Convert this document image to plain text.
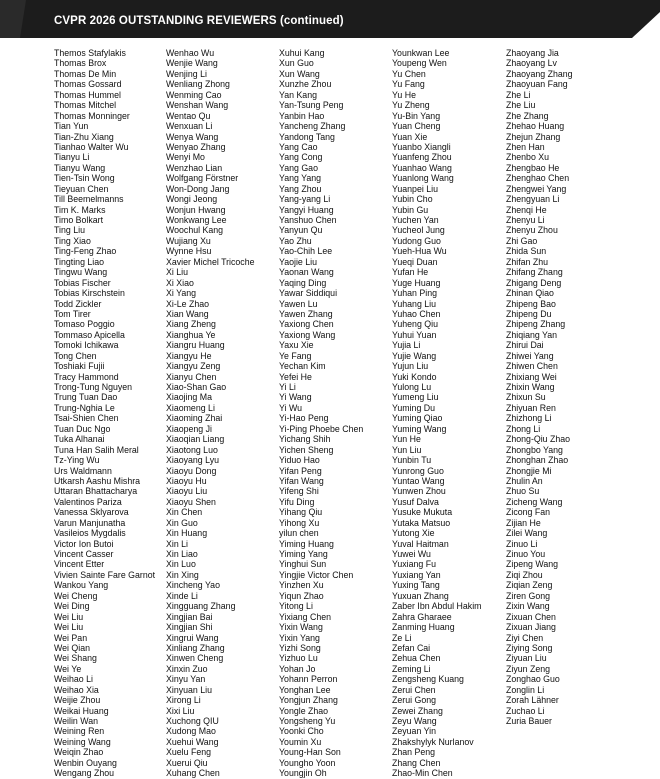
CVPR 2026 OUTSTANDING REVIEWERS (continued)
Themos Stafylakis
Thomas Brox
Thomas De Min
Thomas Gossard
Thomas Hummel
Thomas Mitchel
Thomas Monninger
Tian Yun
Tian-Zhu Xiang
Tianhao Walter Wu
Tianyu Li
Tianyu Wang
Tien-Tsin Wong
Tieyuan Chen
Till Beemelmanns
Tim K. Marks
Timo Bolkart
Ting Liu
Ting Xiao
Ting-Feng Zhao
Tingting Liao
Tingwu Wang
Tobias Fischer
Tobias Kirschstein
Todd Zickler
Tom Tirer
Tomaso Poggio
Tommaso Apicella
Tomoki Ichikawa
Tong Chen
Toshiaki Fujii
Tracy Hammond
Trong-Tung Nguyen
Trung Tuan Dao
Trung-Nghia Le
Tsai-Shien Chen
Tuan Duc Ngo
Tuka Alhanai
Tuna Han Salih Meral
Tz-Ying Wu
Urs Waldmann
Utkarsh Aashu Mishra
Uttaran Bhattacharya
Valentinos Pariza
Vanessa Sklyarova
Varun Manjunatha
Vasileios Mygdalis
Victor Ion Butoi
Vincent Casser
Vincent Etter
Vivien Sainte Fare Garnot
Wankou Yang
Wei Cheng
Wei Ding
Wei Liu
Wei Liu
Wei Pan
Wei Qian
Wei Shang
Wei Ye
Weihao Li
Weihao Xia
Weijie Zhou
Weikai Huang
Weilin Wan
Weining Ren
Weining Wang
Weiqin Zhao
Wenbin Ouyang
Wengang Zhou
Wenhao Wu
Wenjie Wang
Wenjing Li
Wenliang Zhong
Wenming Cao
Wenshan Wang
Wentao Qu
Wenxuan Li
Wenya Wang
Wenyao Zhang
Wenyi Mo
Wenzhao Lian
Wolfgang Förstner
Won-Dong Jang
Wongi Jeong
Wonjun Hwang
Wonkwang Lee
Woochul Kang
Wujiang Xu
Wynne Hsu
Xavier Michel Tricoche
Xi Liu
Xi Xiao
Xi Yang
Xi-Le Zhao
Xian Wang
Xiang Zheng
Xianghua Ye
Xiangru Huang
Xiangyu He
Xiangyu Zeng
Xianyu Chen
Xiao-Shan Gao
Xiaojing Ma
Xiaomeng Li
Xiaoming Zhai
Xiaopeng Ji
Xiaoqian Liang
Xiaotong Luo
Xiaoyang Lyu
Xiaoyu Dong
Xiaoyu Hu
Xiaoyu Liu
Xiaoyu Shen
Xin Chen
Xin Guo
Xin Huang
Xin Li
Xin Liao
Xin Luo
Xin Xing
Xincheng Yao
Xinde Li
Xingguang Zhang
Xingjian Bai
Xingjian Shi
Xingrui Wang
Xinliang Zhang
Xinwen Cheng
Xinxin Zuo
Xinyu Yan
Xinyuan Liu
Xirong Li
Xixi Liu
Xuchong QIU
Xudong Mao
Xuehui Wang
Xuelu Feng
Xuerui Qiu
Xuhang Chen
Xuhui Kang
Xun Guo
Xun Wang
Xunzhe Zhou
Yan Kang
Yan-Tsung Peng
Yanbin Hao
Yancheng Zhang
Yandong Tang
Yang Cao
Yang Cong
Yang Gao
Yang Yang
Yang Zhou
Yang-yang Li
Yangyi Huang
Yanshuo Chen
Yanyun Qu
Yao Zhu
Yao-Chih Lee
Yaojie Liu
Yaonan Wang
Yaqing Ding
Yawar Siddiqui
Yawen Lu
Yawen Zhang
Yaxiong Chen
Yaxiong Wang
Yaxu Xie
Ye Fang
Yechan Kim
Yefei He
Yi Li
Yi Wang
Yi Wu
Yi-Hao Peng
Yi-Ping Phoebe Chen
Yichang Shih
Yichen Sheng
Yiduo Hao
Yifan Peng
Yifan Wang
Yifeng Shi
Yifu Ding
Yihang Qiu
Yihong Xu
yilun chen
Yiming Huang
Yiming Yang
Yinghui Sun
Yingjie Victor Chen
Yinzhen Xu
Yiqun Zhao
Yitong Li
Yixiang Chen
Yixin Wang
Yixin Yang
Yizhi Song
Yizhuo Lu
Yohan Jo
Yohann Perron
Yonghan Lee
Yongjun Zhang
Yongle Zhao
Yongsheng Yu
Yoonki Cho
Youmin Xu
Young-Han Son
Youngho Yoon
Youngjin Oh
Younkwan Lee
Youpeng Wen
Yu Chen
Yu Fang
Yu He
Yu Zheng
Yu-Bin Yang
Yuan Cheng
Yuan Xie
Yuanbo Xiangli
Yuanfeng Zhou
Yuanhao Wang
Yuanlong Wang
Yuanpei Liu
Yubin Cho
Yubin Gu
Yuchen Yan
Yucheol Jung
Yudong Guo
Yueh-Hua Wu
Yueqi Duan
Yufan He
Yuge Huang
Yuhan Ping
Yuhang Liu
Yuhao Chen
Yuheng Qiu
Yuhui Yuan
Yujia Li
Yujie Wang
Yujun Liu
Yuki Kondo
Yulong Lu
Yumeng Liu
Yuming Du
Yuming Qiao
Yuming Wang
Yun He
Yun Liu
Yunbin Tu
Yunrong Guo
Yuntao Wang
Yunwen Zhou
Yusuf Dalva
Yusuke Mukuta
Yutaka Matsuo
Yutong Xie
Yuval Haitman
Yuwei Wu
Yuxiang Fu
Yuxiang Yan
Yuxing Tang
Yuxuan Zhang
Zaber Ibn Abdul Hakim
Zahra Gharaee
Zanming Huang
Ze Li
Zefan Cai
Zehua Chen
Zeming Li
Zengsheng Kuang
Zerui Chen
Zerui Gong
Zewei Zhang
Zeyu Wang
Zeyuan Yin
Zhakshylyk Nurlanov
Zhan Peng
Zhang Chen
Zhao-Min Chen
Zhaoyang Jia
Zhaoyang Lv
Zhaoyang Zhang
Zhaoyuan Fang
Zhe Li
Zhe Liu
Zhe Zhang
Zhehao Huang
Zhejun Zhang
Zhen Han
Zhenbo Xu
Zhengbao He
Zhenghao Chen
Zhengwei Yang
Zhengyuan Li
Zhenqi He
Zhenyu Li
Zhenyu Zhou
Zhi Gao
Zhida Sun
Zhifan Zhu
Zhifang Zhang
Zhigang Deng
Zhinan Qiao
Zhipeng Bao
Zhipeng Du
Zhipeng Zhang
Zhiqiang Yan
Zhirui Dai
Zhiwei Yang
Zhiwen Chen
Zhixiang Wei
Zhixin Wang
Zhixun Su
Zhiyuan Ren
Zhizhong Li
Zhong Li
Zhong-Qiu Zhao
Zhongbo Yang
Zhonghan Zhao
Zhongjie Mi
Zhulin An
Zhuo Su
Zicheng Wang
Zicong Fan
Zijian He
Zilei Wang
Zinuo Li
Zinuo You
Zipeng Wang
Ziqi Zhou
Ziqian Zeng
Ziren Gong
Zixin Wang
Zixuan Chen
Zixuan Jiang
Ziyi Chen
Ziying Song
Ziyuan Liu
Ziyun Zeng
Zonghao Guo
Zonglin Li
Zorah Lähner
Zuchao Li
Zuria Bauer
